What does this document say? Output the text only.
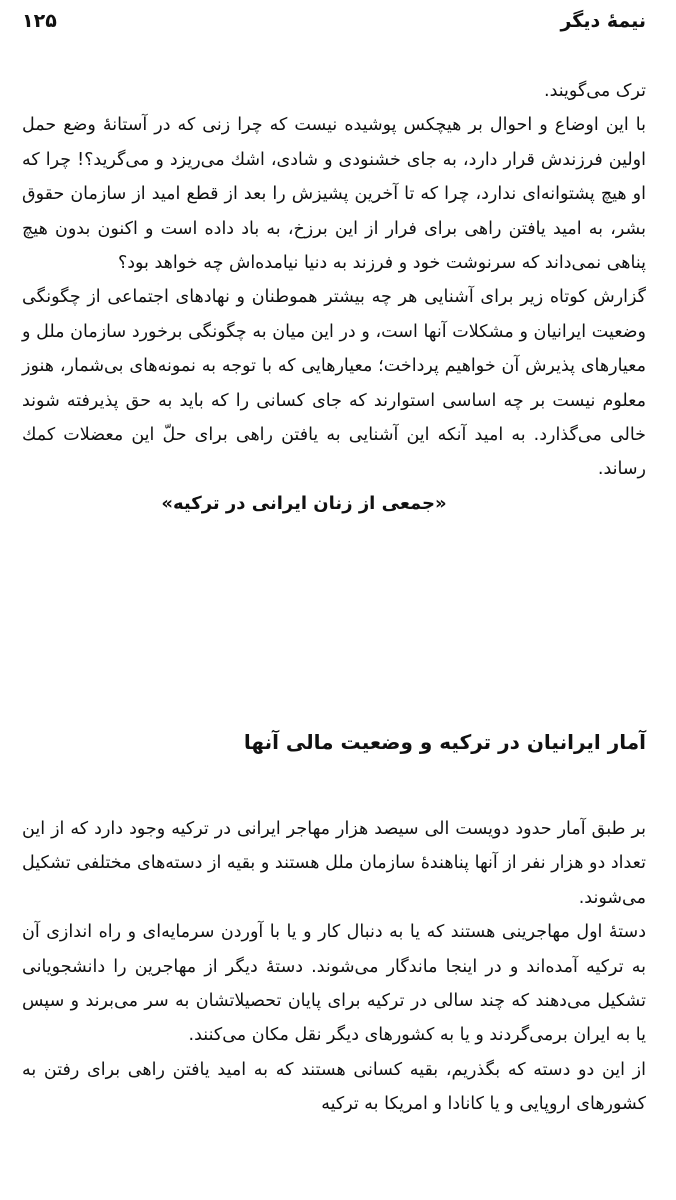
۱۲۵	نیمهٔ دیگر

ترک می‌گویند.

با این اوضاع و احوال بر هیچکس پوشیده نیست که چرا زنی که در آستانهٔ وضع حمل اولین فرزندش قرار دارد، به جای خشنودی و شادی، اشك می‌ریزد و می‌گرید؟! چرا که او هیچ پشتوانه‌ای ندارد، چرا که تا آخرین پشیزش را بعد از قطع امید از سازمان حقوق بشر، به امید یافتن راهی برای فرار از این برزخ، به باد داده است و اکنون بدون هیچ پناهی نمی‌داند که سرنوشت خود و فرزند به دنیا نیامده‌اش چه خواهد بود؟

گزارش کوتاه زیر برای آشنایی هر چه بیشتر هموطنان و نهادهای اجتماعی از چگونگی وضعیت ایرانیان و مشکلات آنها است، و در این میان به چگونگی برخورد سازمان ملل و معیارهای پذیرش آن خواهیم پرداخت؛ معیارهایی که با توجه به نمونه‌های بی‌شمار، هنوز معلوم نیست بر چه اساسی استوارند که جای کسانی را که باید به حق پذیرفته شوند خالی می‌گذارد. به امید آنکه این آشنایی به یافتن راهی برای حلّ این معضلات کمك رساند.

«جمعی از زنان ایرانی در ترکیه»

آمار ایرانیان در ترکیه و وضعیت مالی آنها

بر طبق آمار حدود دویست الی سیصد هزار مهاجر ایرانی در ترکیه وجود دارد که از این تعداد دو هزار نفر از آنها پناهندهٔ سازمان ملل هستند و بقیه از دسته‌های مختلفی تشکیل می‌شوند.

دستهٔ اول مهاجرینی هستند که یا به دنبال کار و یا با آوردن سرمایه‌ای و راه اندازی آن به ترکیه آمده‌اند و در اینجا ماندگار می‌شوند. دستهٔ دیگر از مهاجرین را دانشجویانی تشکیل می‌دهند که چند سالی در ترکیه برای پایان تحصیلاتشان به سر می‌برند و سپس یا به ایران برمی‌گردند و یا به کشورهای دیگر نقل مکان می‌کنند.

از این دو دسته که بگذریم، بقیه کسانی هستند که به امید یافتن راهی برای رفتن به کشورهای اروپایی و یا کانادا و امریکا به ترکیه
